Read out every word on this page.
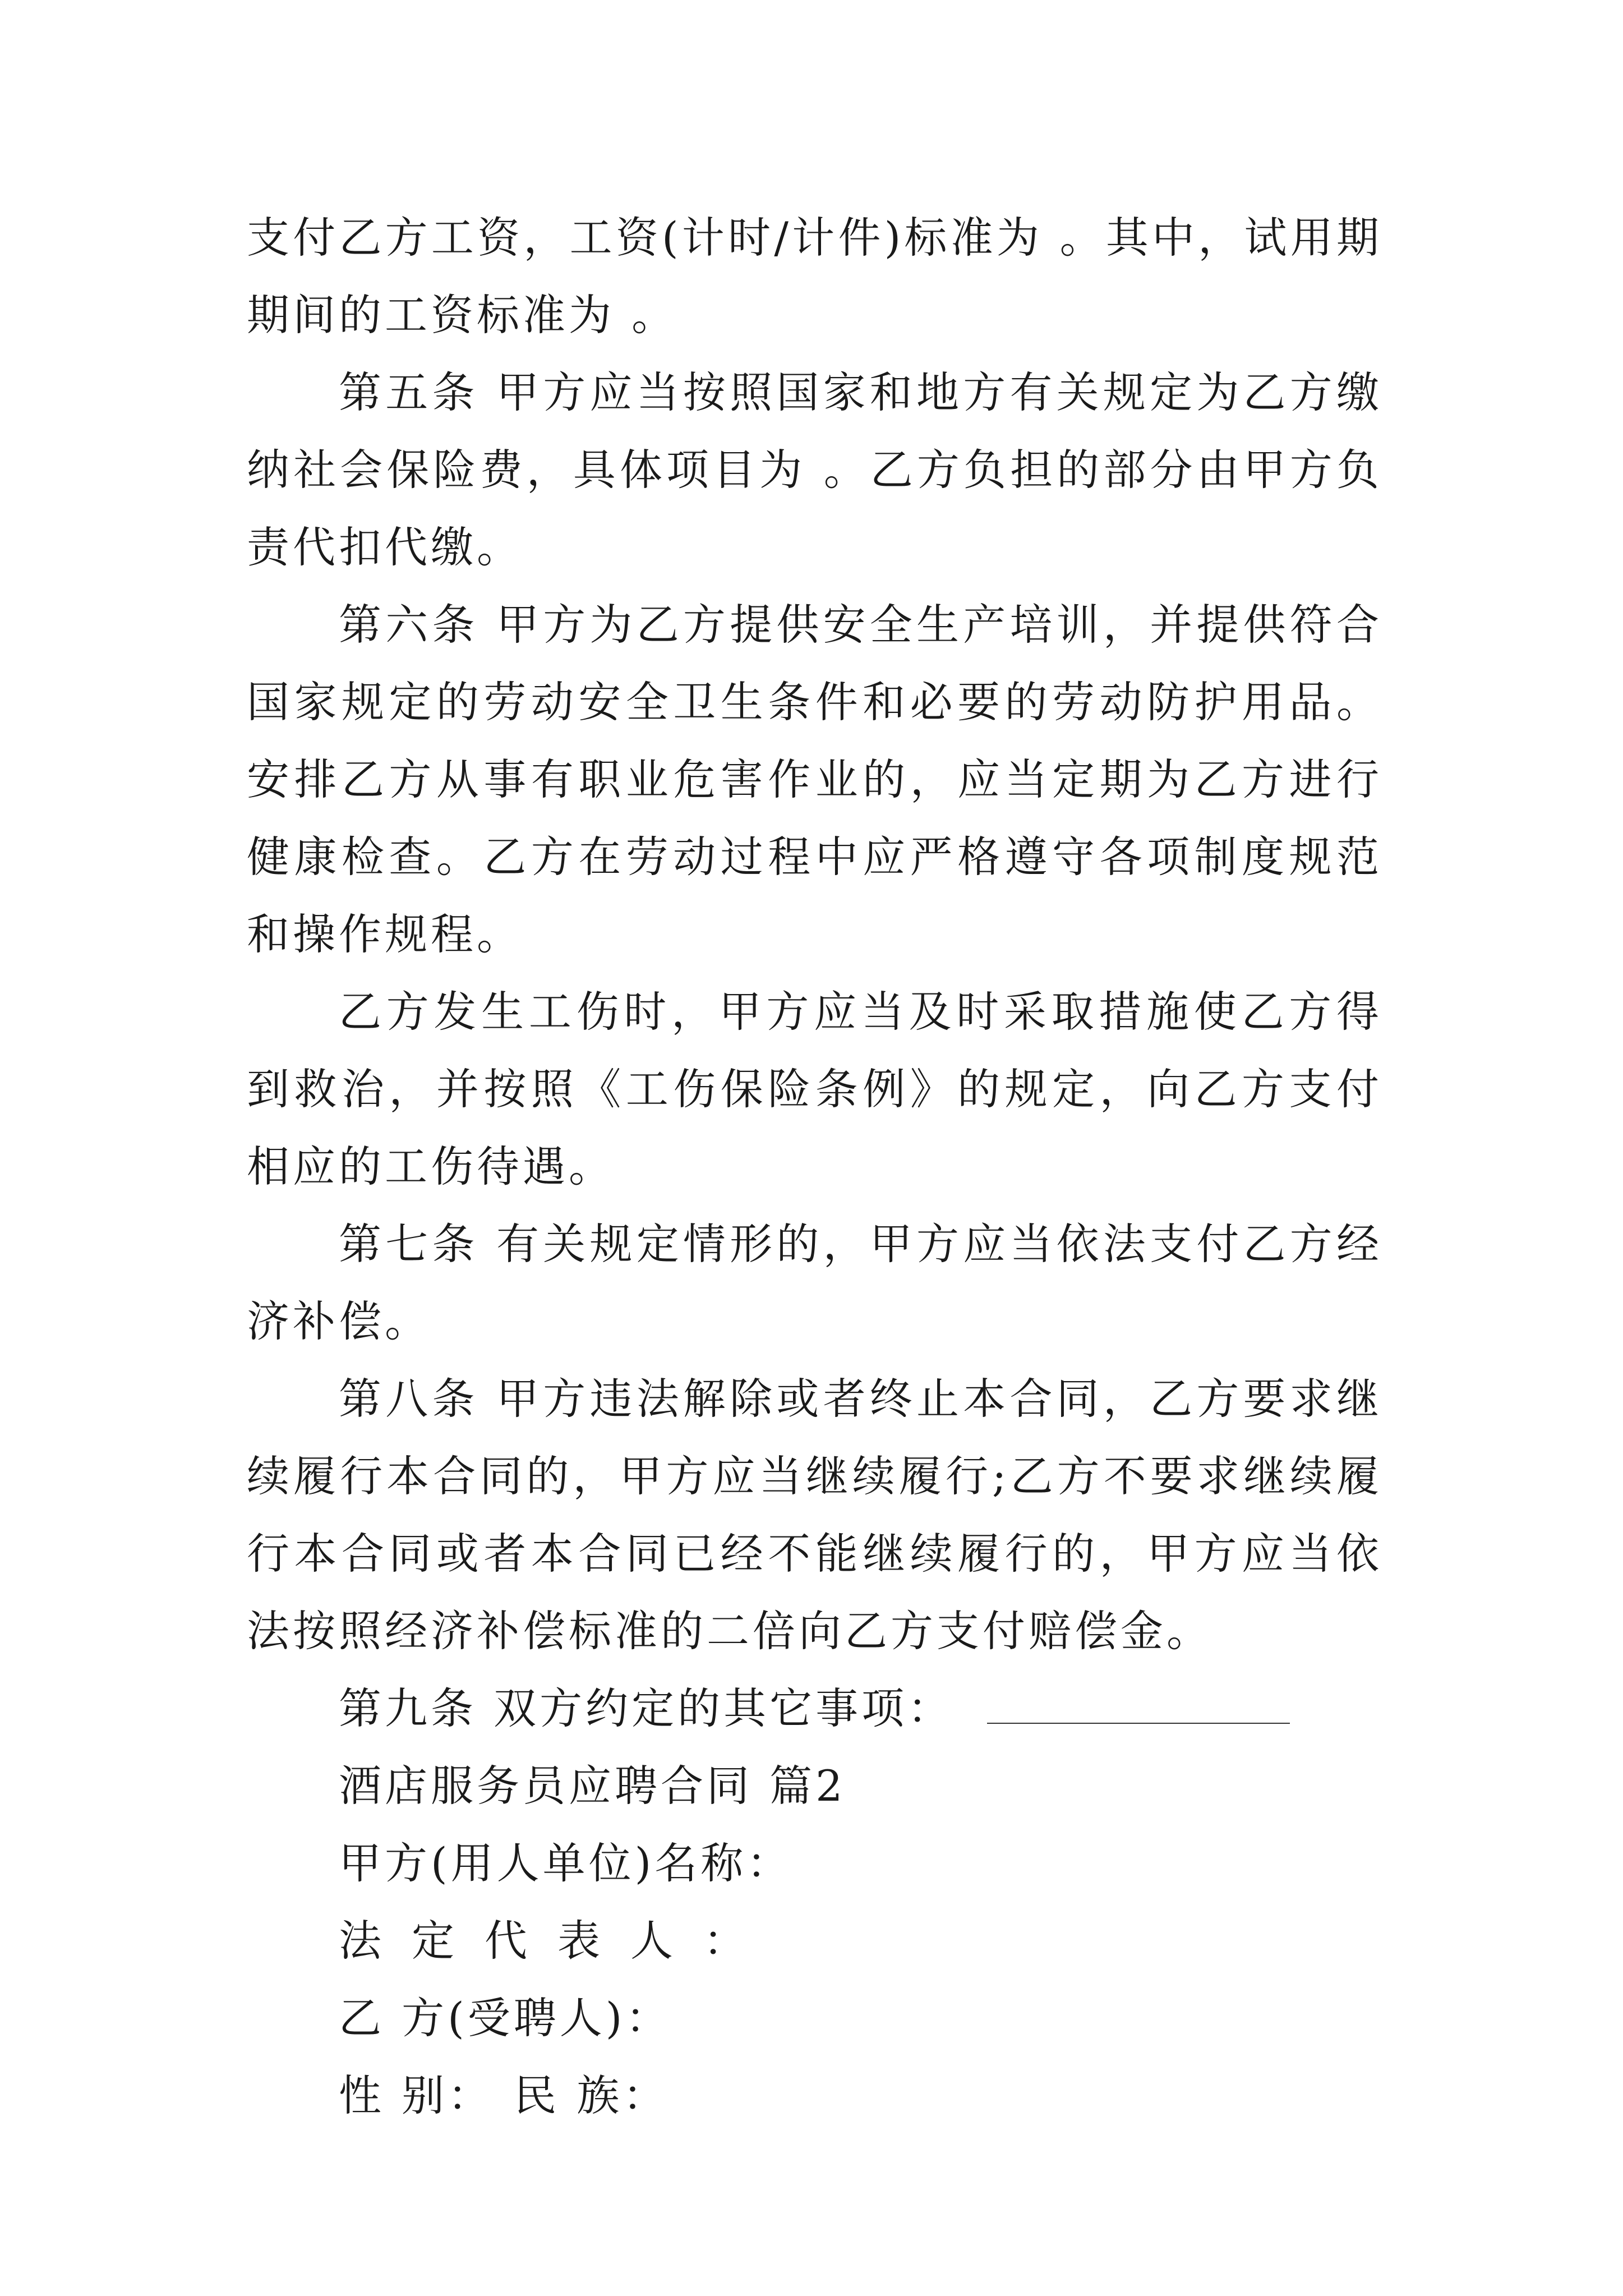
支付乙方工资，工资(计时/计件)标准为 。其中，试用期期间的工资标准为 。

第五条 甲方应当按照国家和地方有关规定为乙方缴纳社会保险费，具体项目为 。乙方负担的部分由甲方负责代扣代缴。

第六条 甲方为乙方提供安全生产培训，并提供符合国家规定的劳动安全卫生条件和必要的劳动防护用品。安排乙方从事有职业危害作业的，应当定期为乙方进行健康检查。乙方在劳动过程中应严格遵守各项制度规范和操作规程。

乙方发生工伤时，甲方应当及时采取措施使乙方得到救治，并按照《工伤保险条例》的规定，向乙方支付相应的工伤待遇。

第七条 有关规定情形的，甲方应当依法支付乙方经济补偿。

第八条 甲方违法解除或者终止本合同，乙方要求继续履行本合同的，甲方应当继续履行;乙方不要求继续履行本合同或者本合同已经不能继续履行的，甲方应当依法按照经济补偿标准的二倍向乙方支付赔偿金。

第九条 双方约定的其它事项：
酒店服务员应聘合同 篇2
甲方(用人单位)名称：
法定代表人：
乙 方(受聘人)：
性 别： 民 族：
